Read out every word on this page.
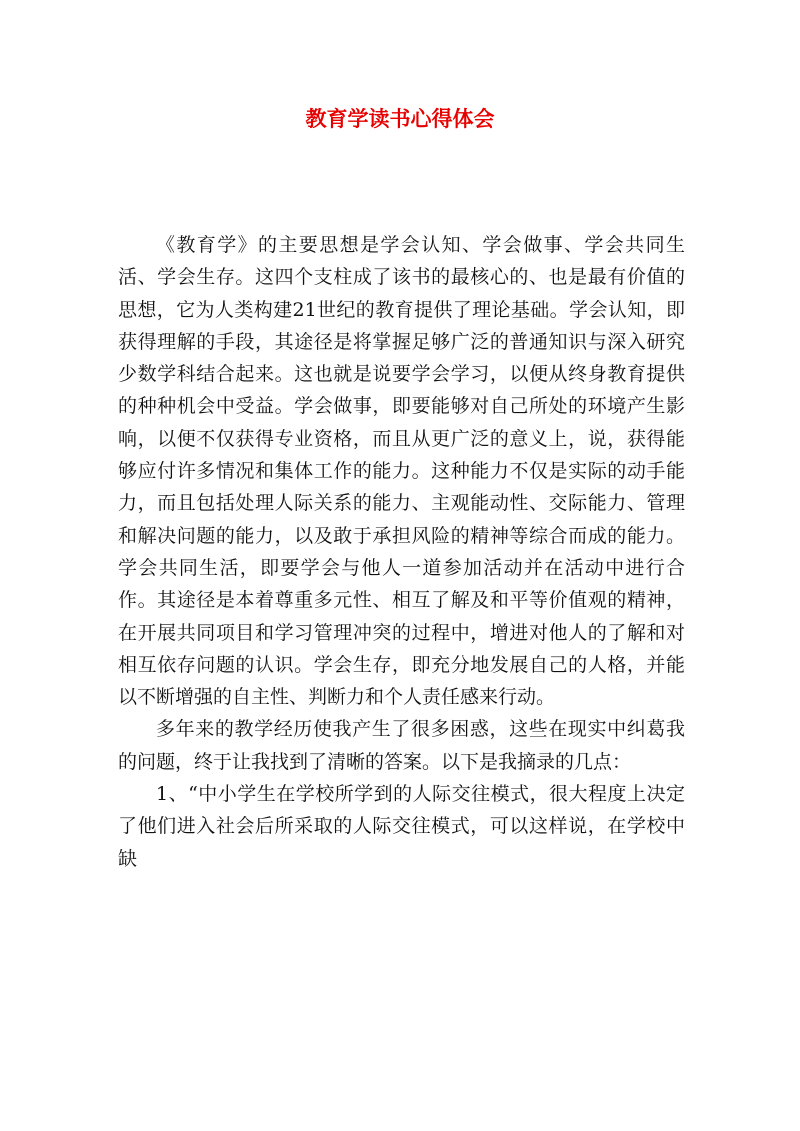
教育学读书心得体会

《教育学》的主要思想是学会认知、学会做事、学会共同生活、学会生存。这四个支柱成了该书的最核心的、也是最有价值的思想，它为人类构建21世纪的教育提供了理论基础。学会认知，即获得理解的手段，其途径是将掌握足够广泛的普通知识与深入研究少数学科结合起来。这也就是说要学会学习，以便从终身教育提供的种种机会中受益。学会做事，即要能够对自己所处的环境产生影响，以便不仅获得专业资格，而且从更广泛的意义上，说，获得能够应付许多情况和集体工作的能力。这种能力不仅是实际的动手能力，而且包括处理人际关系的能力、主观能动性、交际能力、管理和解决问题的能力，以及敢于承担风险的精神等综合而成的能力。学会共同生活，即要学会与他人一道参加活动并在活动中进行合作。其途径是本着尊重多元性、相互了解及和平等价值观的精神，在开展共同项目和学习管理冲突的过程中，增进对他人的了解和对相互依存问题的认识。学会生存，即充分地发展自己的人格，并能以不断增强的自主性、判断力和个人责任感来行动。

多年来的教学经历使我产生了很多困惑，这些在现实中纠葛我的问题，终于让我找到了清晰的答案。以下是我摘录的几点：

1、“中小学生在学校所学到的人际交往模式，很大程度上决定了他们进入社会后所采取的人际交往模式，可以这样说，在学校中缺
